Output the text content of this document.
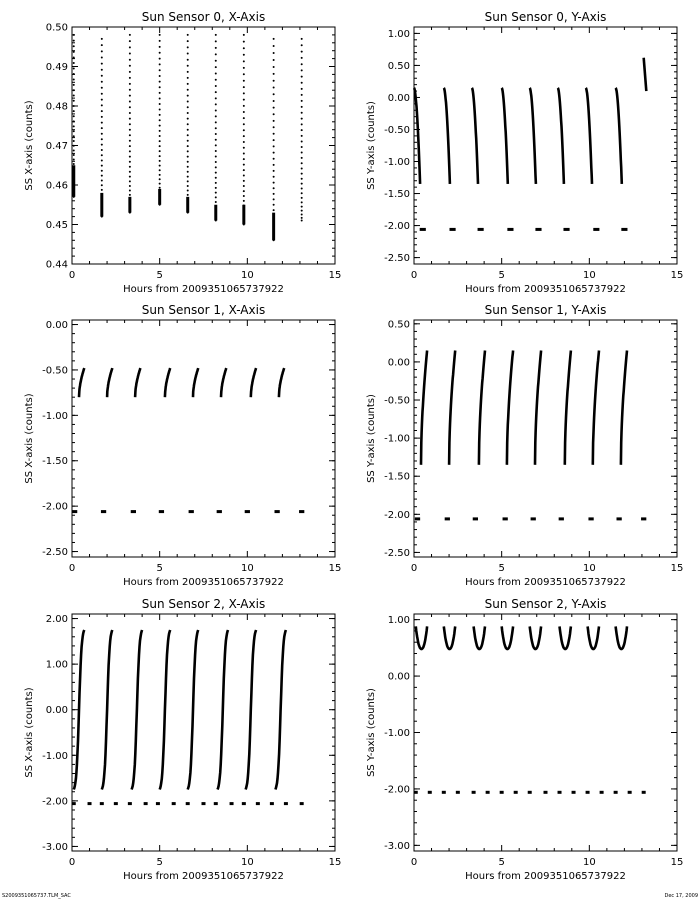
Sun Sensor 0, X-Axis
0	5	10	15
0.44
0.45
0.46
0.47
0.48
0.49
0.50
Hours from 2009351065737922
SS X-axis (counts)
Sun Sensor 0, Y-Axis
0	5	10	15
1.00
0.50
0.00
-0.50
-1.00
-1.50
-2.00
-2.50
Hours from 2009351065737922
SS Y-axis (counts)
Sun Sensor 1, X-Axis
0	5	10	15
0.00
-0.50
-1.00
-1.50
-2.00
-2.50
Hours from 2009351065737922
SS X-axis (counts)
Sun Sensor 1, Y-Axis
0	5	10	15
0.50
0.00
-0.50
-1.00
-1.50
-2.00
-2.50
Hours from 2009351065737922
SS Y-axis (counts)
Sun Sensor 2, X-Axis
0	5	10	15
2.00
1.00
0.00
-1.00
-2.00
-3.00
Hours from 2009351065737922
SS X-axis (counts)
Sun Sensor 2, Y-Axis
0	5	10	15
1.00
0.00
-1.00
-2.00
-3.00
Hours from 2009351065737922
SS Y-axis (counts)
S2009351065737.TLM_SAC	Dec 17, 2009
